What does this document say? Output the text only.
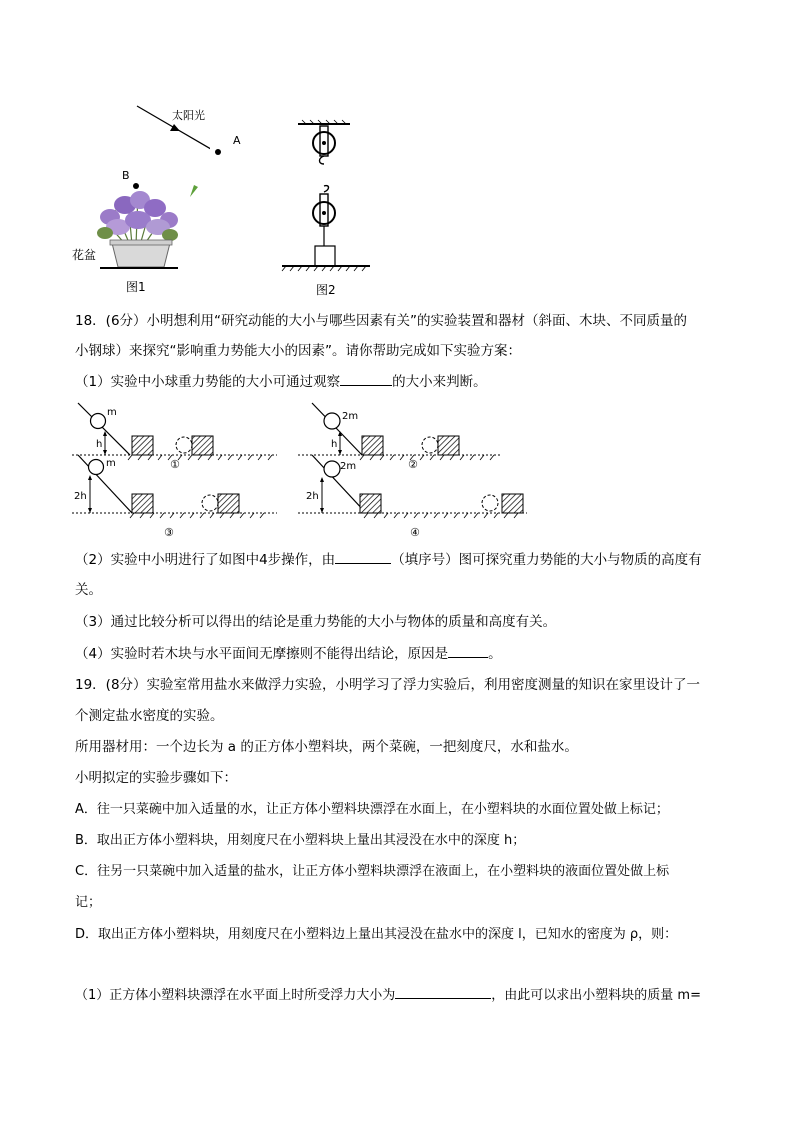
太阳光
A
B
花盆
图1	图2
18．(6分）小明想利用“研究动能的大小与哪些因素有关”的实验装置和器材（斜面、木块、不同质量的
小钢球）来探究“影响重力势能大小的因素”。请你帮助完成如下实验方案：
（1）实验中小球重力势能的大小可通过观察	的大小来判断。
m
h
①
2m
h
②
m
2h
③
2m
2h
④
（2）实验中小明进行了如图中4步操作，由	（填序号）图可探究重力势能的大小与物质的高度有
关。
（3）通过比较分析可以得出的结论是重力势能的大小与物体的质量和高度有关。
（4）实验时若木块与水平面间无摩擦则不能得出结论，原因是	。
19．(8分）实验室常用盐水来做浮力实验，小明学习了浮力实验后，利用密度测量的知识在家里设计了一
个测定盐水密度的实验。
所用器材用：一个边长为 a 的正方体小塑料块，两个菜碗，一把刻度尺，水和盐水。
小明拟定的实验步骤如下：
A．往一只菜碗中加入适量的水，让正方体小塑料块漂浮在水面上，在小塑料块的水面位置处做上标记；
B．取出正方体小塑料块，用刻度尺在小塑料块上量出其浸没在水中的深度 h；
C．往另一只菜碗中加入适量的盐水，让正方体小塑料块漂浮在液面上，在小塑料块的液面位置处做上标
记；
D．取出正方体小塑料块，用刻度尺在小塑料边上量出其浸没在盐水中的深度 l，已知水的密度为 ρ，则：
（1）正方体小塑料块漂浮在水平面上时所受浮力大小为	，由此可以求出小塑料块的质量 m=
